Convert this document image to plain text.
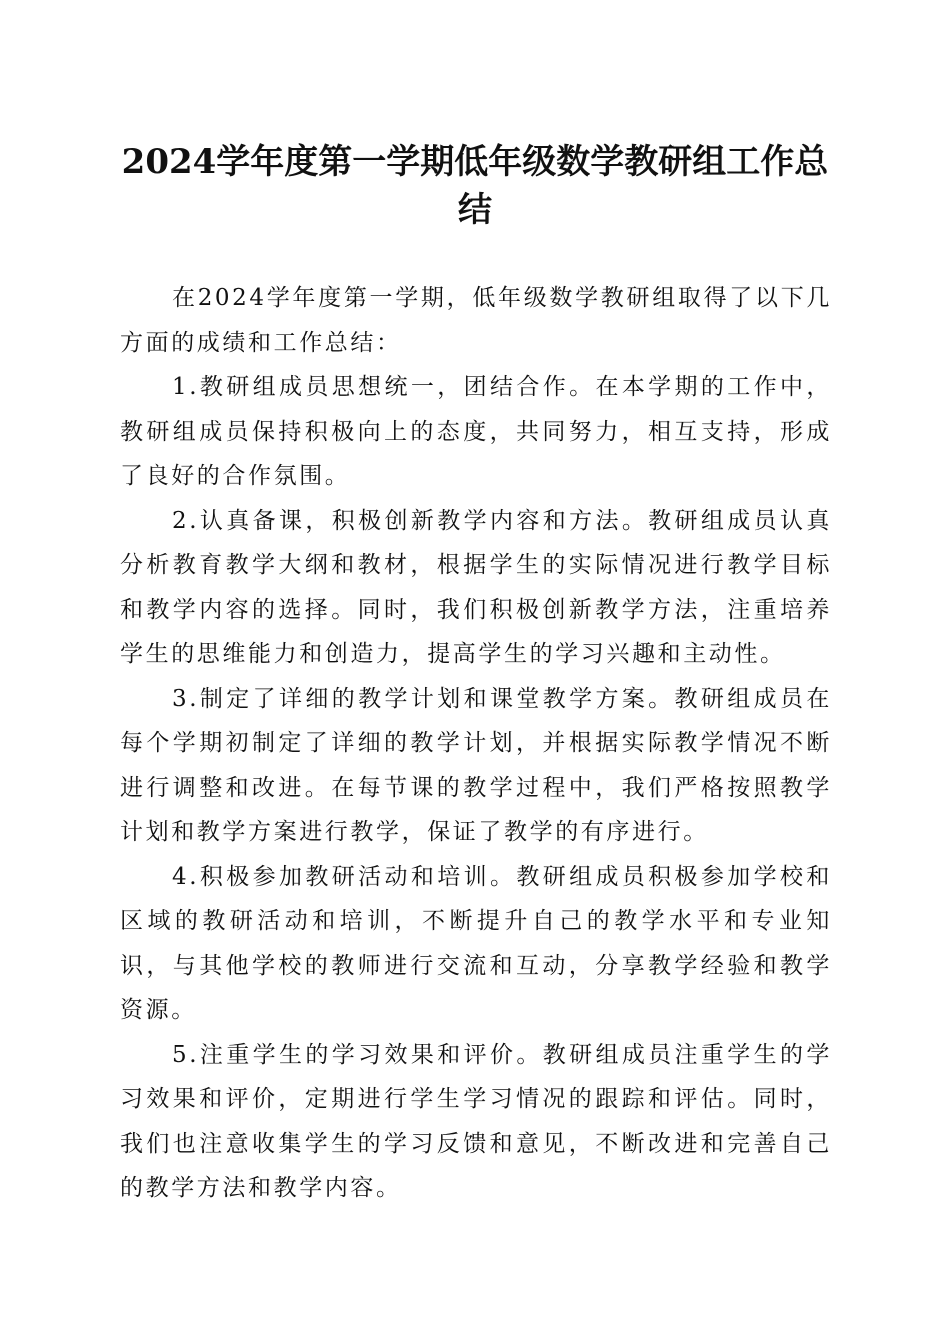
2024学年度第一学期低年级数学教研组工作总结

在2024学年度第一学期，低年级数学教研组取得了以下几方面的成绩和工作总结：

1.教研组成员思想统一，团结合作。在本学期的工作中，教研组成员保持积极向上的态度，共同努力，相互支持，形成了良好的合作氛围。

2.认真备课，积极创新教学内容和方法。教研组成员认真分析教育教学大纲和教材，根据学生的实际情况进行教学目标和教学内容的选择。同时，我们积极创新教学方法，注重培养学生的思维能力和创造力，提高学生的学习兴趣和主动性。

3.制定了详细的教学计划和课堂教学方案。教研组成员在每个学期初制定了详细的教学计划，并根据实际教学情况不断进行调整和改进。在每节课的教学过程中，我们严格按照教学计划和教学方案进行教学，保证了教学的有序进行。

4.积极参加教研活动和培训。教研组成员积极参加学校和区域的教研活动和培训，不断提升自己的教学水平和专业知识，与其他学校的教师进行交流和互动，分享教学经验和教学资源。

5.注重学生的学习效果和评价。教研组成员注重学生的学习效果和评价，定期进行学生学习情况的跟踪和评估。同时，我们也注意收集学生的学习反馈和意见，不断改进和完善自己的教学方法和教学内容。
